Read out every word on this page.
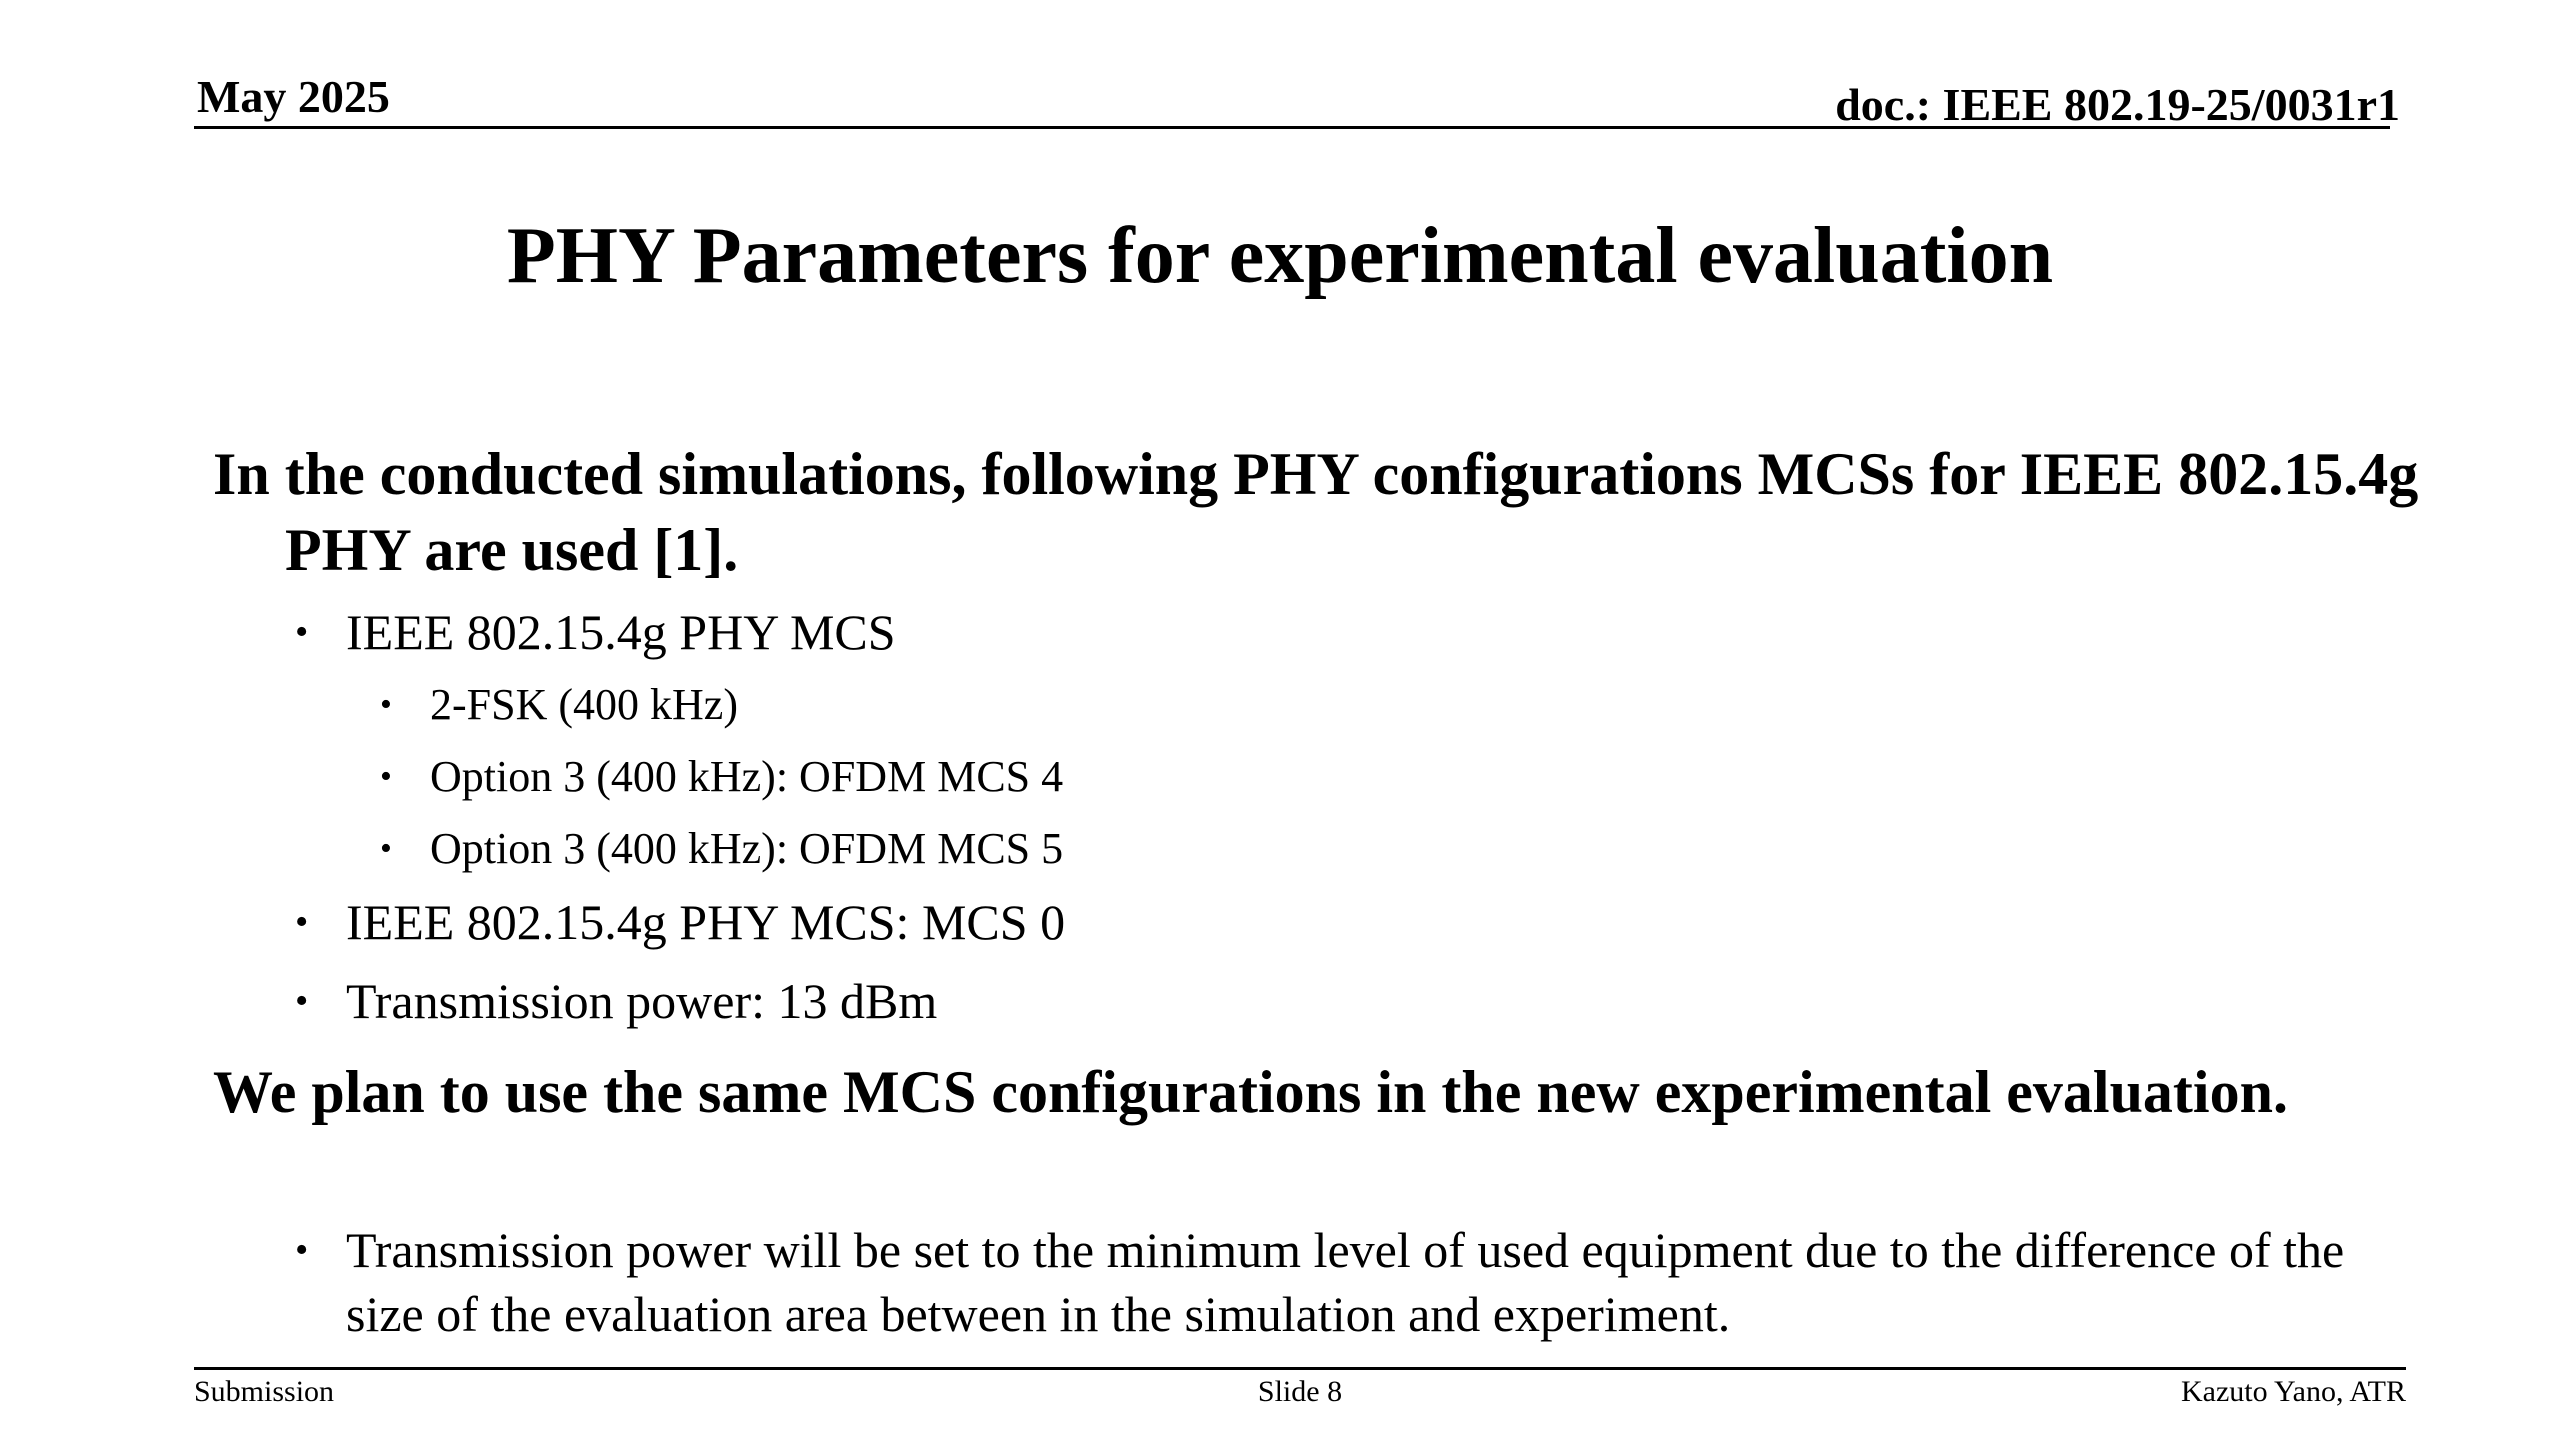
May 2025	doc.: IEEE 802.19-25/0031r1
PHY Parameters for experimental evaluation
In the conducted simulations, following PHY configurations MCSs for IEEE 802.15.4g PHY are used [1].
• IEEE 802.15.4g PHY MCS
• 2-FSK (400 kHz)
• Option 3 (400 kHz): OFDM MCS 4
• Option 3 (400 kHz): OFDM MCS 5
• IEEE 802.15.4g PHY MCS: MCS 0
• Transmission power: 13 dBm
We plan to use the same MCS configurations in the new experimental evaluation.
• Transmission power will be set to the minimum level of used equipment due to the difference of the size of the evaluation area between in the simulation and experiment.
Submission	Slide 8	Kazuto Yano, ATR
